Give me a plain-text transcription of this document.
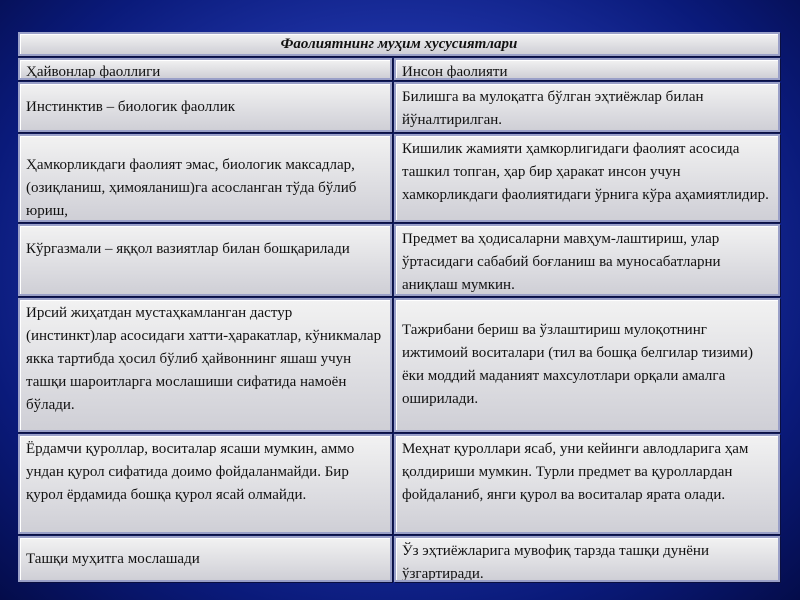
Фаолиятнинг муҳим хусусиятлари
Ҳайвонлар фаоллиги	Инсон фаолияти
Инстинктив – биологик фаоллик
Билишга ва мулоқатга бўлган эҳтиёжлар билан йўналтирилган.
Ҳамкорликдаги фаолият эмас, биологик максадлар, (озиқланиш, ҳимояланиш)га асосланган тўда бўлиб юриш,
Кишилик жамияти ҳамкорлигидаги фаолият асосида ташкил топган, ҳар бир ҳаракат инсон учун хамкорликдаги фаолиятидаги ўрнига кўра аҳамиятлидир.
Кўргазмали – яққол вазиятлар билан бошқарилади
Предмет ва ҳодисаларни мавҳум-лаштириш, улар ўртасидаги сабабий боғланиш ва муносабатларни аниқлаш мумкин.
Ирсий жиҳатдан мустаҳкамланган дастур (инстинкт)лар асосидаги хатти-ҳаракатлар, кўникмалар якка тартибда ҳосил бўлиб ҳайвоннинг яшаш учун ташқи шароитларга мослашиши сифатида намоён бўлади.
Тажрибани бериш ва ўзлаштириш мулоқотнинг ижтимоий воситалари (тил ва бошқа белгилар тизими) ёки моддий маданият махсулотлари орқали амалга оширилади.
Ёрдамчи қуроллар, воситалар ясаши мумкин, аммо ундан қурол сифатида доимо фойдаланмайди. Бир қурол ёрдамида бошқа қурол ясай олмайди.
Меҳнат қуроллари ясаб, уни кейинги авлодларига ҳам қолдириши мумкин. Турли предмет ва қуроллардан фойдаланиб, янги қурол ва воситалар ярата олади.
Ташқи муҳитга мослашади	Ўз эҳтиёжларига мувофиқ тарзда ташқи дунёни ўзгартиради.
